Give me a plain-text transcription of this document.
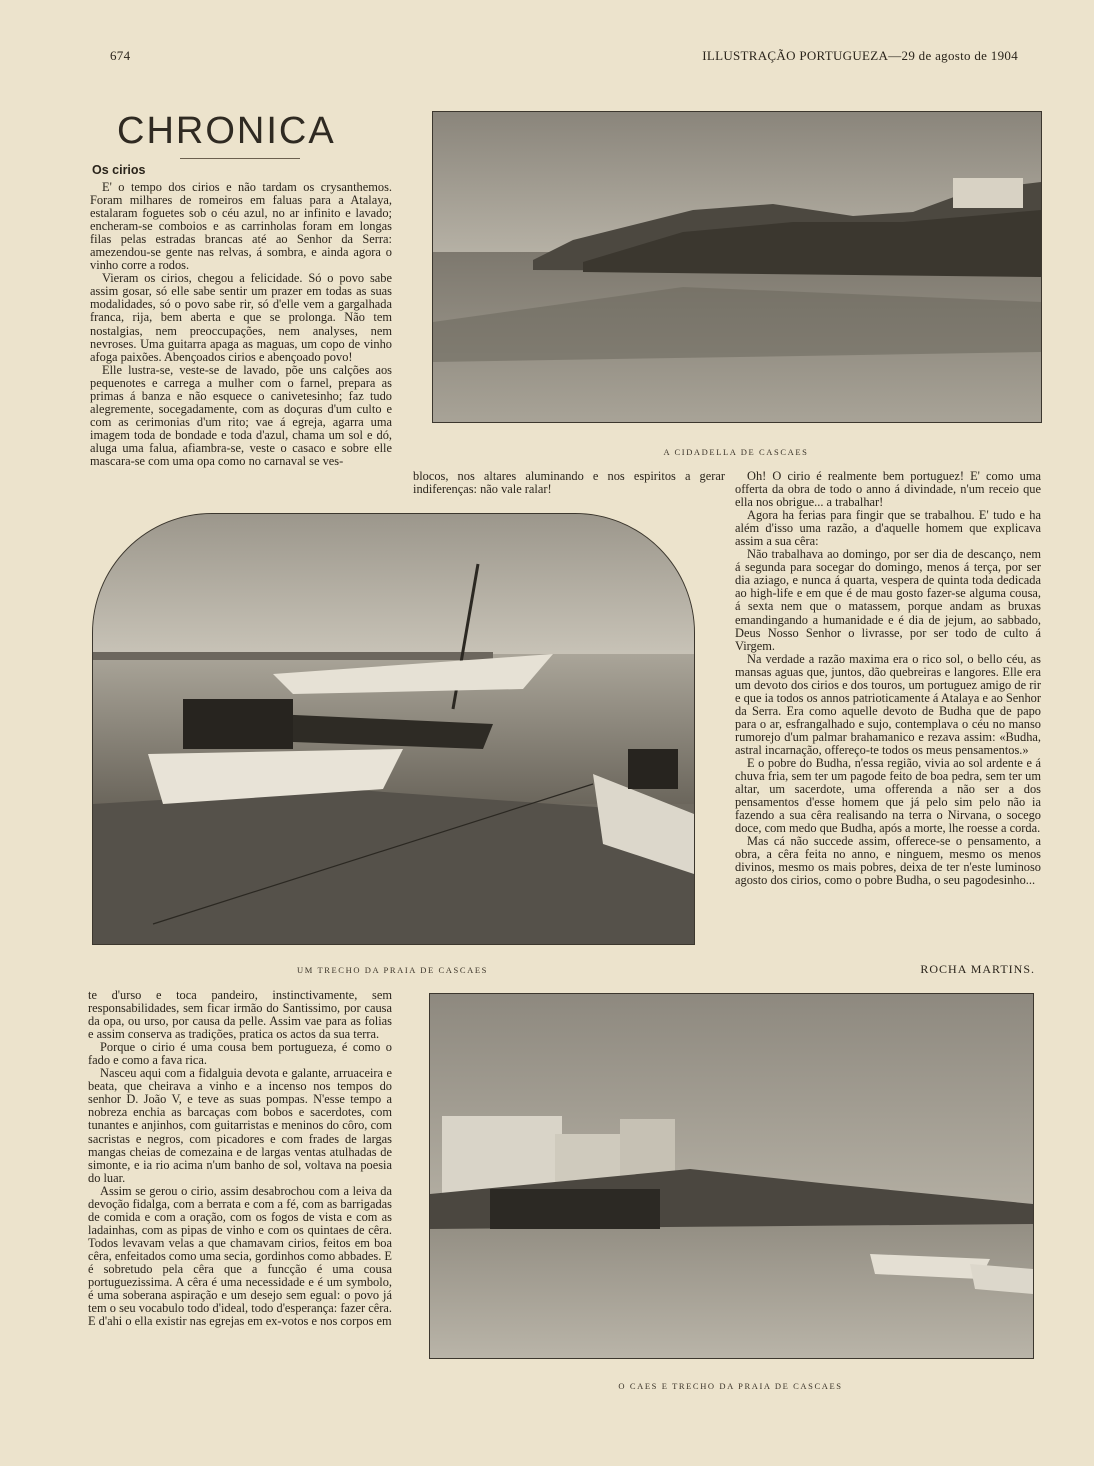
674	ILLUSTRAÇÃO PORTUGUEZA—29 de agosto de 1904
CHRONICA
Os cirios

E' o tempo dos cirios e não tardam os crysanthemos. Foram milhares de romeiros em faluas para a Atalaya, estalaram foguetes sob o céu azul, no ar infinito e lavado; encheram-se comboios e as carrinholas foram em longas filas pelas estradas brancas até ao Senhor da Serra: amezendou-se gente nas relvas, á sombra, e ainda agora o vinho corre a rodos.

Vieram os cirios, chegou a felicidade. Só o povo sabe assim gosar, só elle sabe sentir um prazer em todas as suas modalidades, só o povo sabe rir, só d'elle vem a gargalhada franca, rija, bem aberta e que se prolonga. Não tem nostalgias, nem preoccupações, nem analyses, nem nevroses. Uma guitarra apaga as maguas, um copo de vinho afoga paixões. Abençoados cirios e abençoado povo!

Elle lustra-se, veste-se de lavado, põe uns calções aos pequenotes e carrega a mulher com o farnel, prepara as primas á banza e não esquece o canivetesinho; faz tudo alegremente, socegadamente, com as doçuras d'um culto e com as cerimonias d'um rito; vae á egreja, agarra uma imagem toda de bondade e toda d'azul, chama um sol e dó, aluga uma falua, afiambra-se, veste o casaco e sobre elle mascara-se com uma opa como no carnaval se ves-

A CIDADELLA DE CASCAES

blocos, nos altares aluminando e nos espiritos a gerar indiferenças: não vale ralar!

Oh! O cirio é realmente bem portuguez! E' como uma offerta da obra de todo o anno á divindade, n'um receio que ella nos obrigue... a trabalhar!

Agora ha ferias para fingir que se trabalhou. E' tudo e ha além d'isso uma razão, a d'aquelle homem que explicava assim a sua cêra:

Não trabalhava ao domingo, por ser dia de descanço, nem á segunda para socegar do domingo, menos á terça, por ser dia aziago, e nunca á quarta, vespera de quinta toda dedicada ao high-life e em que é de mau gosto fazer-se alguma cousa, á sexta nem que o matassem, porque andam as bruxas emandingando a humanidade e é dia de jejum, ao sabbado, Deus Nosso Senhor o livrasse, por ser todo de culto á Virgem.

Na verdade a razão maxima era o rico sol, o bello céu, as mansas aguas que, juntos, dão quebreiras e langores. Elle era um devoto dos cirios e dos touros, um portuguez amigo de rir e que ia todos os annos patrioticamente á Atalaya e ao Senhor da Serra. Era como aquelle devoto de Budha que de papo para o ar, esfrangalhado e sujo, contemplava o céu no manso rumorejo d'um palmar brahamanico e rezava assim: «Budha, astral incarnação, offereço-te todos os meus pensamentos.»

E o pobre do Budha, n'essa região, vivia ao sol ardente e á chuva fria, sem ter um pagode feito de boa pedra, sem ter um altar, um sacerdote, uma offerenda a não ser a dos pensamentos d'esse homem que já pelo sim pelo não ia fazendo a sua cêra realisando na terra o Nirvana, o socego doce, com medo que Budha, após a morte, lhe roesse a corda.

Mas cá não succede assim, offerece-se o pensamento, a obra, a cêra feita no anno, e ninguem, mesmo os menos divinos, mesmo os mais pobres, deixa de ter n'este luminoso agosto dos cirios, como o pobre Budha, o seu pagodesinho...

ROCHA MARTINS.
UM TRECHO DA PRAIA DE CASCAES

te d'urso e toca pandeiro, instinctivamente, sem responsabilidades, sem ficar irmão do Santissimo, por causa da opa, ou urso, por causa da pelle. Assim vae para as folias e assim conserva as tradições, pratica os actos da sua terra.

Porque o cirio é uma cousa bem portugueza, é como o fado e como a fava rica.

Nasceu aqui com a fidalguia devota e galante, arruaceira e beata, que cheirava a vinho e a incenso nos tempos do senhor D. João V, e teve as suas pompas. N'esse tempo a nobreza enchia as barcaças com bobos e sacerdotes, com tunantes e anjinhos, com guitarristas e meninos do côro, com sacristas e negros, com picadores e com frades de largas mangas cheias de comezaina e de largas ventas atulhadas de simonte, e ia rio acima n'um banho de sol, voltava na poesia do luar.

Assim se gerou o cirio, assim desabrochou com a leiva da devoção fidalga, com a berrata e com a fé, com as barrigadas de comida e com a oração, com os fogos de vista e com as ladainhas, com as pipas de vinho e com os quintaes de cêra. Todos levavam velas a que chamavam cirios, feitos em boa cêra, enfeitados como uma secia, gordinhos como abbades. E é sobretudo pela cêra que a funcção é uma cousa portuguezissima. A cêra é uma necessidade e é um symbolo, é uma soberana aspiração e um desejo sem egual: o povo já tem o seu vocabulo todo d'ideal, todo d'esperança: fazer cêra. E d'ahi o ella existir nas egrejas em ex-votos e nos corpos em

O CAES E TRECHO DA PRAIA DE CASCAES
